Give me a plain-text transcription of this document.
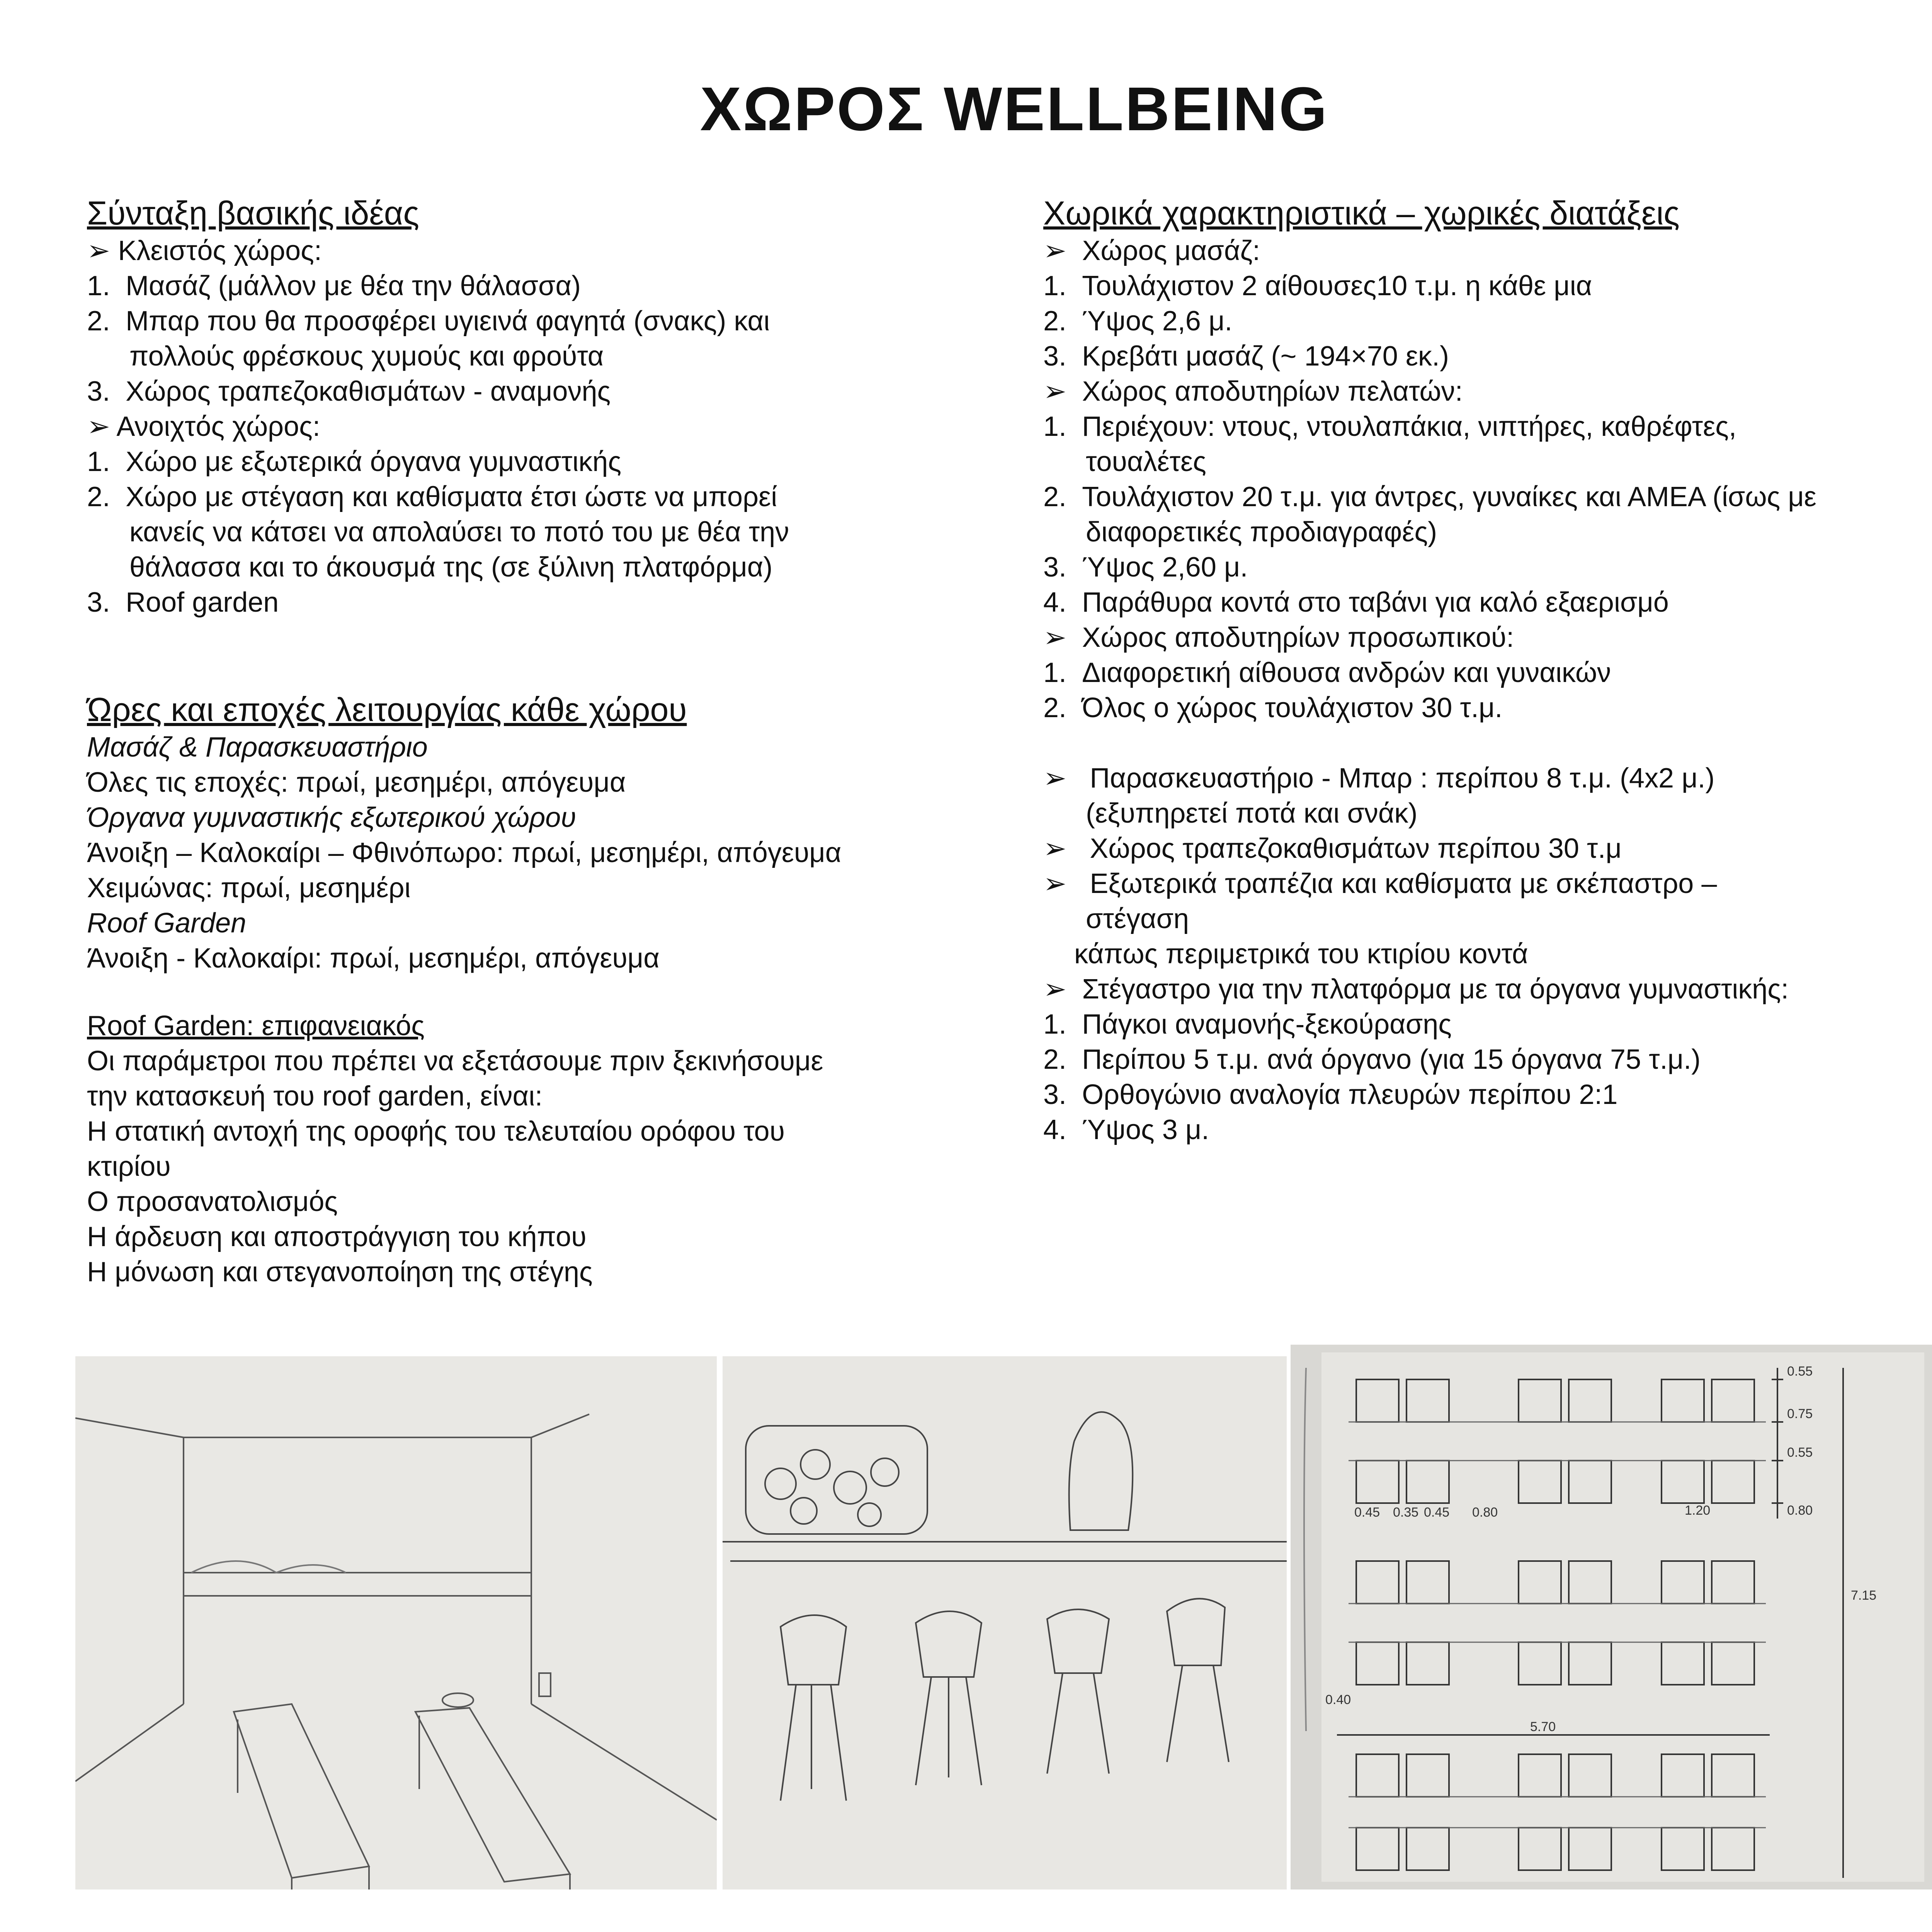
ΧΩΡΟΣ WELLBEING
Σύνταξη βασικής ιδέας
➢ Κλειστός χώρος:
1.  Μασάζ (μάλλον με θέα την θάλασσα)
2.  Μπαρ που θα προσφέρει υγιεινά φαγητά (σνακς) και
πολλούς φρέσκους χυμούς και φρούτα
3.  Χώρος τραπεζοκαθισμάτων - αναμονής
➢ Ανοιχτός χώρος:
1.  Χώρο με εξωτερικά όργανα γυμναστικής
2.  Χώρο με στέγαση και καθίσματα έτσι ώστε να μπορεί
κανείς να κάτσει να απολαύσει το ποτό του με θέα την
θάλασσα και το άκουσμά της (σε ξύλινη πλατφόρμα)
3.  Roof garden
Ώρες και εποχές λειτουργίας κάθε χώρου
Μασάζ & Παρασκευαστήριο
Όλες τις εποχές: πρωί, μεσημέρι, απόγευμα
Όργανα γυμναστικής εξωτερικού χώρου
Άνοιξη – Καλοκαίρι – Φθινόπωρο: πρωί, μεσημέρι, απόγευμα
Χειμώνας: πρωί, μεσημέρι
Roof Garden
Άνοιξη - Καλοκαίρι: πρωί, μεσημέρι, απόγευμα
Roof Garden: επιφανειακός
Οι παράμετροι που πρέπει να εξετάσουμε πριν ξεκινήσουμε
την κατασκευή του roof garden, είναι:
Η στατική αντοχή της οροφής του τελευταίου ορόφου του
κτιρίου
Ο προσανατολισμός
Η άρδευση και αποστράγγιση του κήπου
Η μόνωση και στεγανοποίηση της στέγης
Χωρικά χαρακτηριστικά – χωρικές διατάξεις
➢  Χώρος μασάζ:
1.  Τουλάχιστον 2 αίθουσες10 τ.μ. η κάθε μια
2.  Ύψος 2,6 μ.
3.  Κρεβάτι μασάζ (~ 194×70 εκ.)
➢  Χώρος αποδυτηρίων πελατών:
1.  Περιέχουν: ντους, ντουλαπάκια, νιπτήρες, καθρέφτες,
τουαλέτες
2.  Τουλάχιστον 20 τ.μ. για άντρες, γυναίκες και ΑΜΕΑ (ίσως με
διαφορετικές προδιαγραφές)
3.  Ύψος 2,60 μ.
4.  Παράθυρα κοντά στο ταβάνι για καλό εξαερισμό
➢  Χώρος αποδυτηρίων προσωπικού:
1.  Διαφορετική αίθουσα ανδρών και γυναικών
2.  Όλος ο χώρος τουλάχιστον 30 τ.μ.
➢   Παρασκευαστήριο - Μπαρ : περίπου 8 τ.μ. (4x2 μ.)
(εξυπηρετεί ποτά και σνάκ)
➢   Χώρος τραπεζοκαθισμάτων περίπου 30 τ.μ
➢   Εξωτερικά τραπέζια και καθίσματα με σκέπαστρο –
στέγαση
κάπως περιμετρικά του κτιρίου κοντά
➢  Στέγαστρο για την πλατφόρμα με τα όργανα γυμναστικής:
1.  Πάγκοι αναμονής-ξεκούρασης
2.  Περίπου 5 τ.μ. ανά όργανο (για 15 όργανα 75 τ.μ.)
3.  Ορθογώνιο αναλογία πλευρών περίπου 2:1
4.  Ύψος 3 μ.
0.55
0.75
0.55
0.80
0.45 0.35 0.45 0.80	1.20
7.15
5.70
0.40
